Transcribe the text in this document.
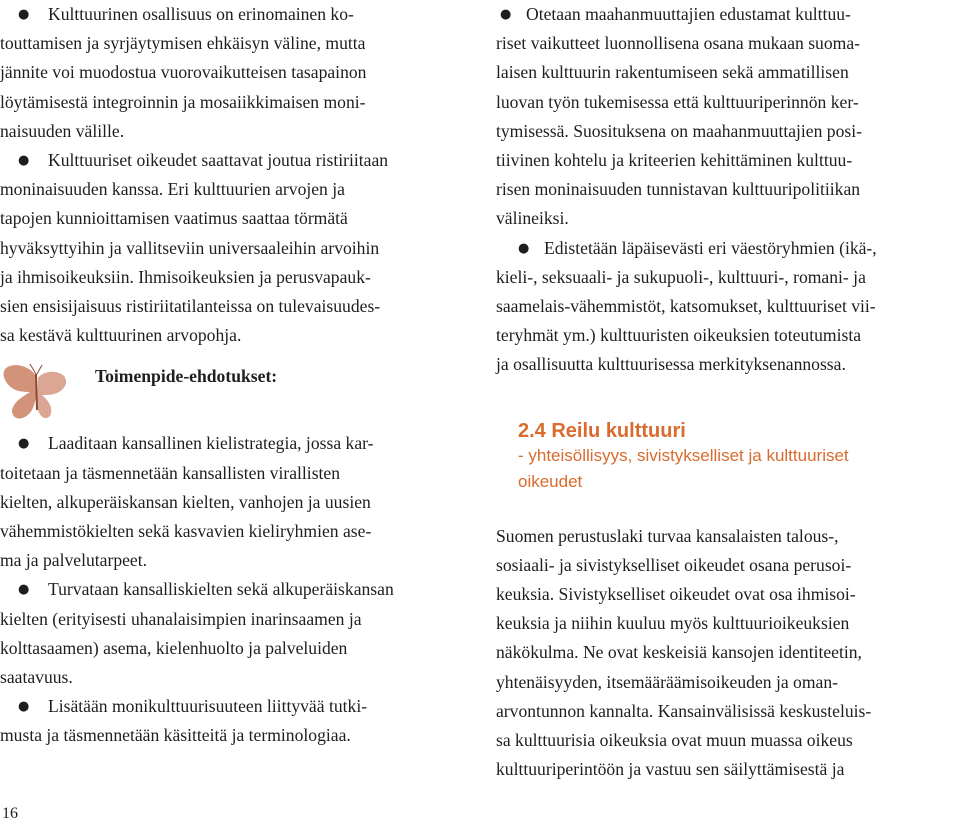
● Kulttuurinen osallisuus on erinomainen ko-
touttamisen ja syrjäytymisen ehkäisyn väline, mutta
jännite voi muodostua vuorovaikutteisen tasapainon
löytämisestä integroinnin ja mosaiikkimaisen moni-
naisuuden välille.

● Kulttuuriset oikeudet saattavat joutua ristiriitaan
moninaisuuden kanssa. Eri kulttuurien arvojen ja
tapojen kunnioittamisen vaatimus saattaa törmätä
hyväksyttyihin ja vallitseviin universaaleihin arvoihin
ja ihmisoikeuksiin. Ihmisoikeuksien ja perusvapauk-
sien ensisijaisuus ristiriitatilanteissa on tulevaisuudes-
sa kestävä kulttuurinen arvopohja.

Toimenpide-ehdotukset:

● Laaditaan kansallinen kielistrategia, jossa kar-
toitetaan ja täsmennetään kansallisten virallisten
kielten, alkuperäiskansan kielten, vanhojen ja uusien
vähemmistökielten sekä kasvavien kieliryhmien ase-
ma ja palvelutarpeet.

● Turvataan kansalliskielten sekä alkuperäiskansan
kielten (erityisesti uhanalaisimpien inarinsaamen ja
kolttasaamen) asema, kielenhuolto ja palveluiden
saatavuus.

● Lisätään monikulttuurisuuteen liittyvää tutki-
musta ja täsmennetään käsitteitä ja terminologiaa.

● Otetaan maahanmuuttajien edustamat kulttuu-
riset vaikutteet luonnollisena osana mukaan suoma-
laisen kulttuurin rakentumiseen sekä ammatillisen
luovan työn tukemisessa että kulttuuriperinnön ker-
tymisessä. Suosituksena on maahanmuuttajien posi-
tiivinen kohtelu ja kriteerien kehittäminen kulttuu-
risen moninaisuuden tunnistavan kulttuuripolitiikan
välineiksi.

● Edistetään läpäisevästi eri väestöryhmien (ikä-,
kieli-, seksuaali- ja sukupuoli-, kulttuuri-, romani- ja
saamelais-vähemmistöt, katsomukset, kulttuuriset vii-
teryhmät ym.) kulttuuristen oikeuksien toteutumista
ja osallisuutta kulttuurisessa merkityksenannossa.

2.4 Reilu kulttuuri
- yhteisöllisyys, sivistykselliset ja kulttuuriset
oikeudet

Suomen perustuslaki turvaa kansalaisten talous-,
sosiaali- ja sivistykselliset oikeudet osana perusoi-
keuksia. Sivistykselliset oikeudet ovat osa ihmisoi-
keuksia ja niihin kuuluu myös kulttuurioikeuksien
näkökulma. Ne ovat keskeisiä kansojen identiteetin,
yhtenäisyyden, itsemääräämisoikeuden ja oman-
arvontunnon kannalta. Kansainvälisissä keskusteluis-
sa kulttuurisia oikeuksia ovat muun muassa oikeus
kulttuuriperintöön ja vastuu sen säilyttämisestä ja

16
